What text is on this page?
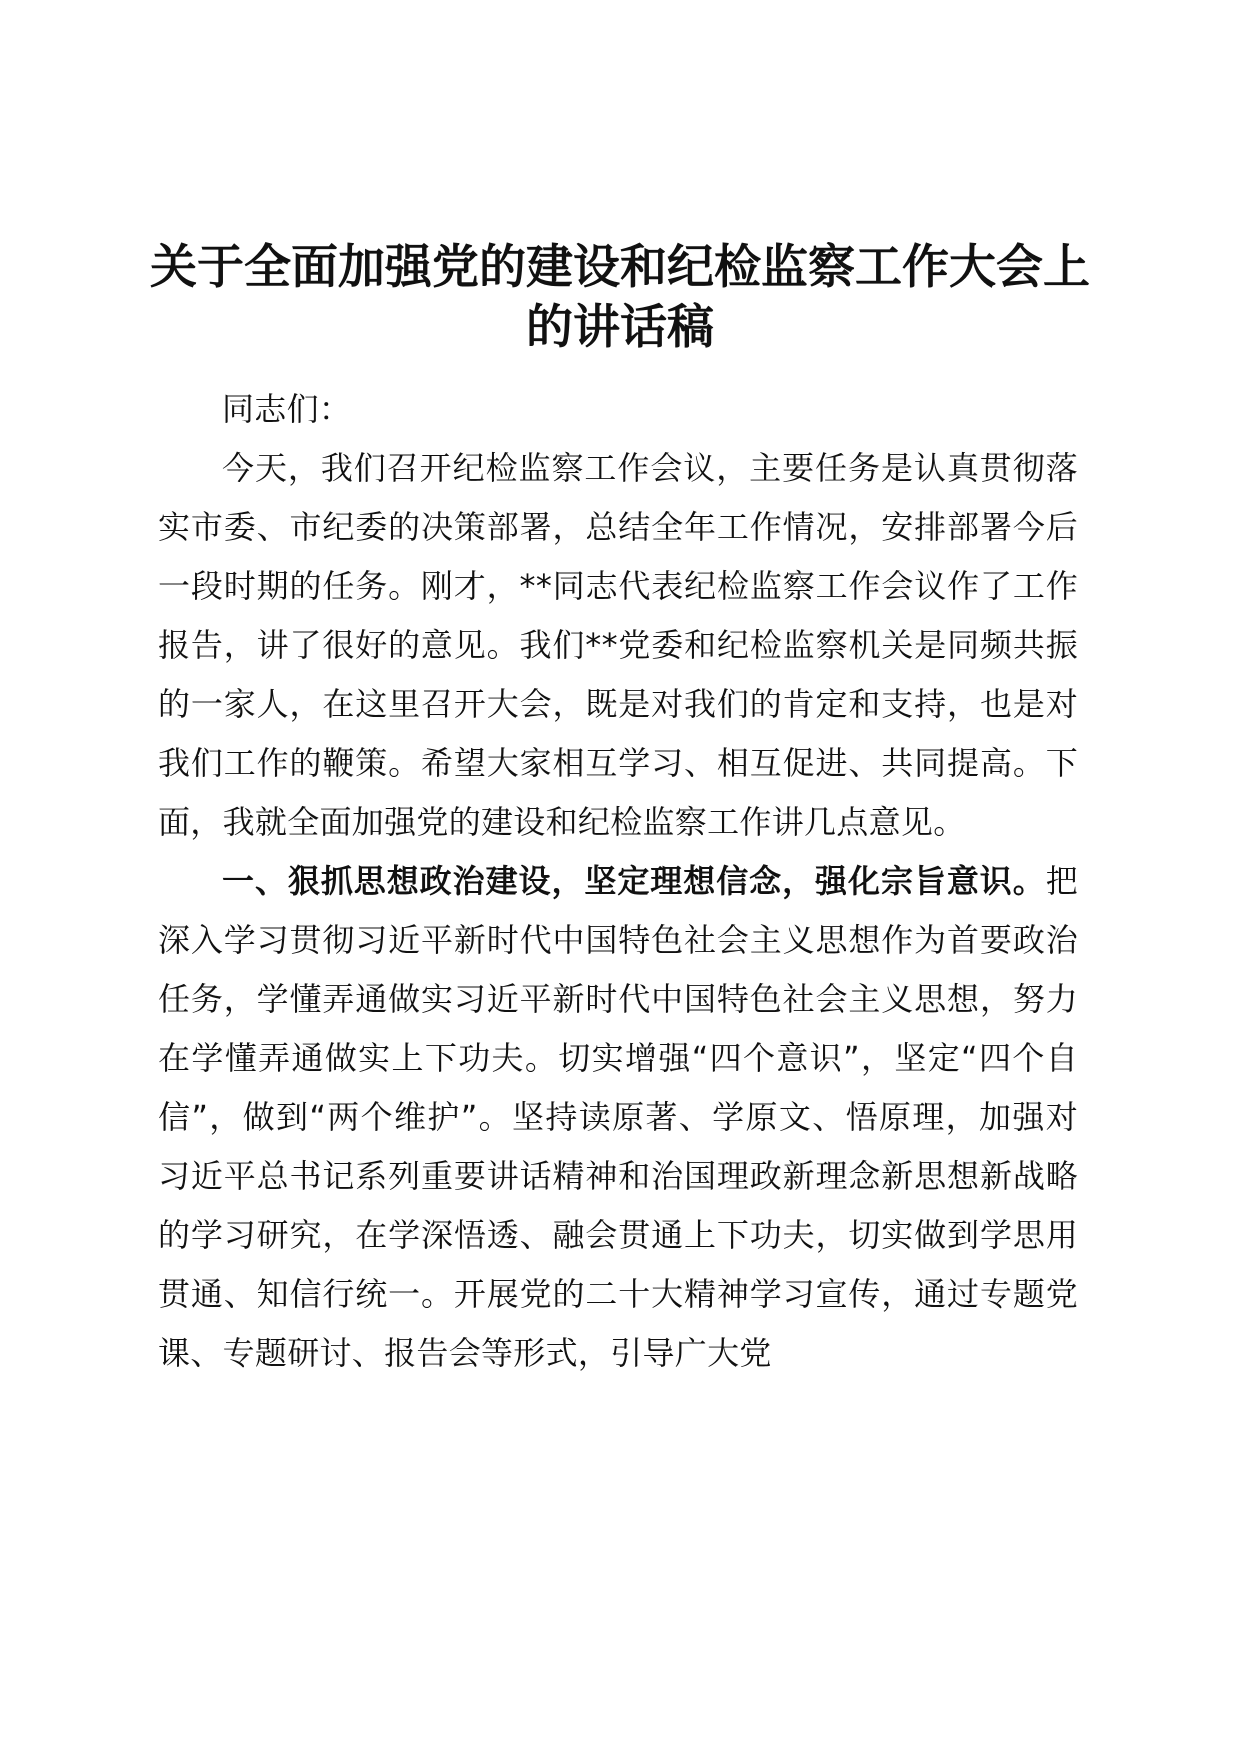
关于全面加强党的建设和纪检监察工作大会上
的讲话稿

同志们：

今天，我们召开纪检监察工作会议，主要任务是认真贯彻落实市委、市纪委的决策部署，总结全年工作情况，安排部署今后一段时期的任务。刚才，**同志代表纪检监察工作会议作了工作报告，讲了很好的意见。我们**党委和纪检监察机关是同频共振的一家人，在这里召开大会，既是对我们的肯定和支持，也是对我们工作的鞭策。希望大家相互学习、相互促进、共同提高。下面，我就全面加强党的建设和纪检监察工作讲几点意见。

一、狠抓思想政治建设，坚定理想信念，强化宗旨意识。把深入学习贯彻习近平新时代中国特色社会主义思想作为首要政治任务，学懂弄通做实习近平新时代中国特色社会主义思想，努力在学懂弄通做实上下功夫。切实增强“四个意识”，坚定“四个自信”，做到“两个维护”。坚持读原著、学原文、悟原理，加强对习近平总书记系列重要讲话精神和治国理政新理念新思想新战略的学习研究，在学深悟透、融会贯通上下功夫，切实做到学思用贯通、知信行统一。开展党的二十大精神学习宣传，通过专题党课、专题研讨、报告会等形式，引导广大党
